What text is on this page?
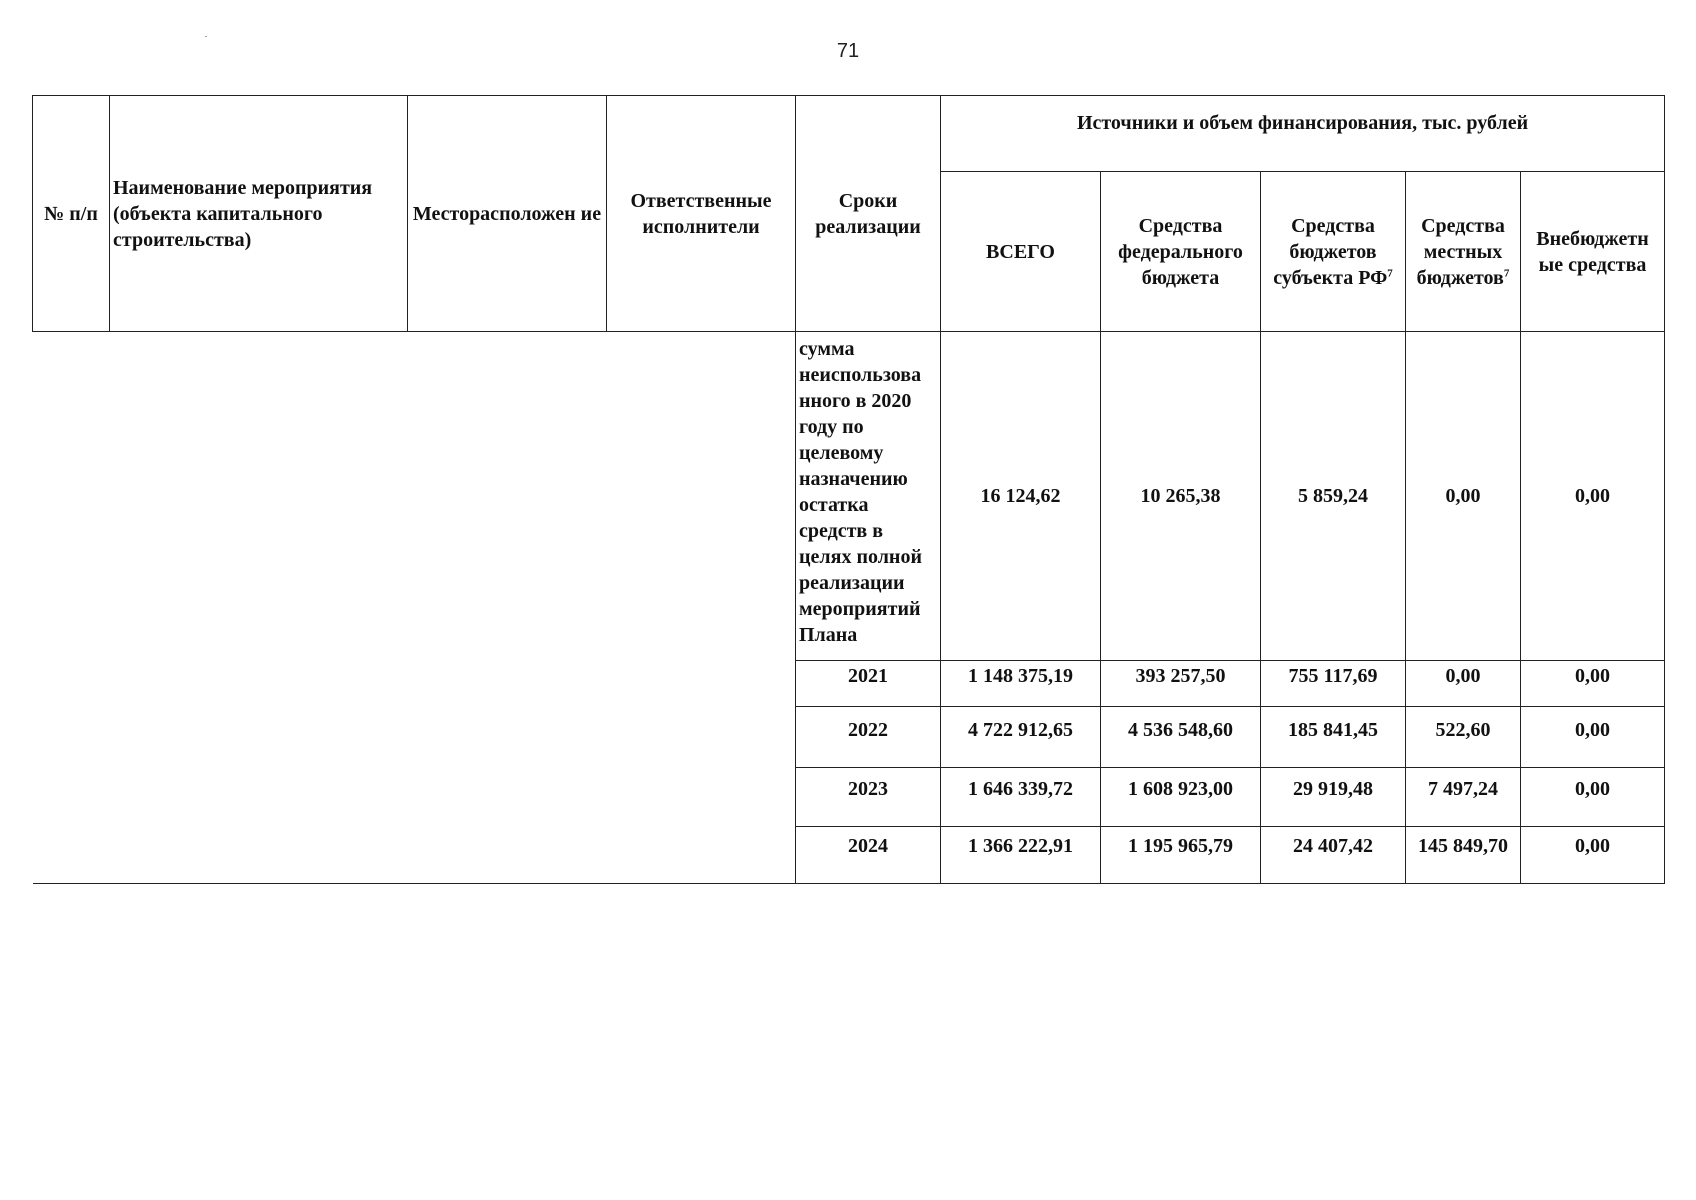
71
№ п/п	Наименование мероприятия (объекта капитального строительства)	Месторасположен ие	Ответственные исполнители	Сроки реализации	Источники и объем финансирования, тыс. рублей				
					ВСЕГО	Средства федерального бюджета	Средства бюджетов субъекта $РФ^7$	Средства местных бюджетов$^7$	Внебюджетн ые средства
				сумма неиспользова нного в 2020 году по целевому назначению остатка средств в целях полной реализации мероприятий Плана	16 124,62	10 265,38	5 859,24	0,00	0,00
				2021	1 148 375,19	393 257,50	755 117,69	0,00	0,00
				2022	4 722 912,65	4 536 548,60	185 841,45	522,60	0,00
				2023	1 646 339,72	1 608 923,00	29 919,48	7 497,24	0,00
				2024	1 366 222,91	1 195 965,79	24 407,42	145 849,70	0,00
